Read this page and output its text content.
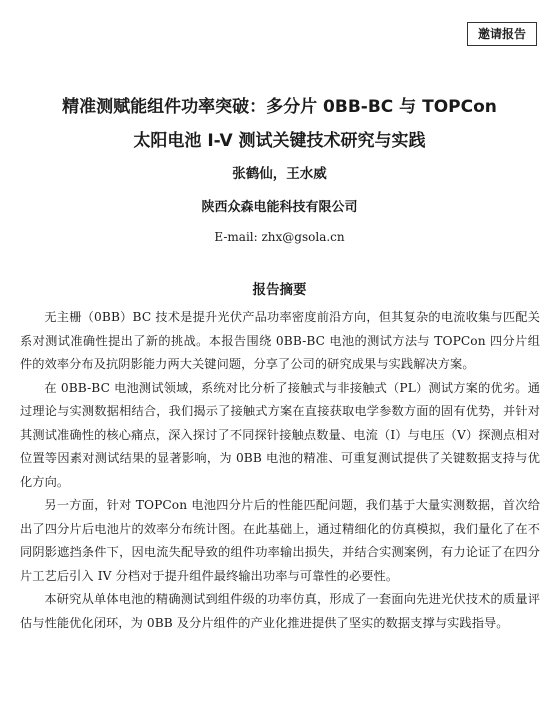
邀请报告
精准测赋能组件功率突破：多分片 0BB-BC 与 TOPCon
太阳电池 I-V 测试关键技术研究与实践
张鹤仙，王水威
陕西众森电能科技有限公司
E-mail: zhx@gsola.cn
报告摘要

无主栅（0BB）BC 技术是提升光伏产品功率密度前沿方向，但其复杂的电流收集与匹配关系对测试准确性提出了新的挑战。本报告围绕 0BB-BC 电池的测试方法与 TOPCon 四分片组件的效率分布及抗阴影能力两大关键问题，分享了公司的研究成果与实践解决方案。

在 0BB-BC 电池测试领域，系统对比分析了接触式与非接触式（PL）测试方案的优劣。通过理论与实测数据相结合，我们揭示了接触式方案在直接获取电学参数方面的固有优势，并针对其测试准确性的核心痛点，深入探讨了不同探针接触点数量、电流（I）与电压（V）探测点相对位置等因素对测试结果的显著影响，为 0BB 电池的精准、可重复测试提供了关键数据支持与优化方向。

另一方面，针对 TOPCon 电池四分片后的性能匹配问题，我们基于大量实测数据，首次给出了四分片后电池片的效率分布统计图。在此基础上，通过精细化的仿真模拟，我们量化了在不同阴影遮挡条件下，因电流失配导致的组件功率输出损失，并结合实测案例，有力论证了在四分片工艺后引入 IV 分档对于提升组件最终输出功率与可靠性的必要性。

本研究从单体电池的精确测试到组件级的功率仿真，形成了一套面向先进光伏技术的质量评估与性能优化闭环，为 0BB 及分片组件的产业化推进提供了坚实的数据支撑与实践指导。
